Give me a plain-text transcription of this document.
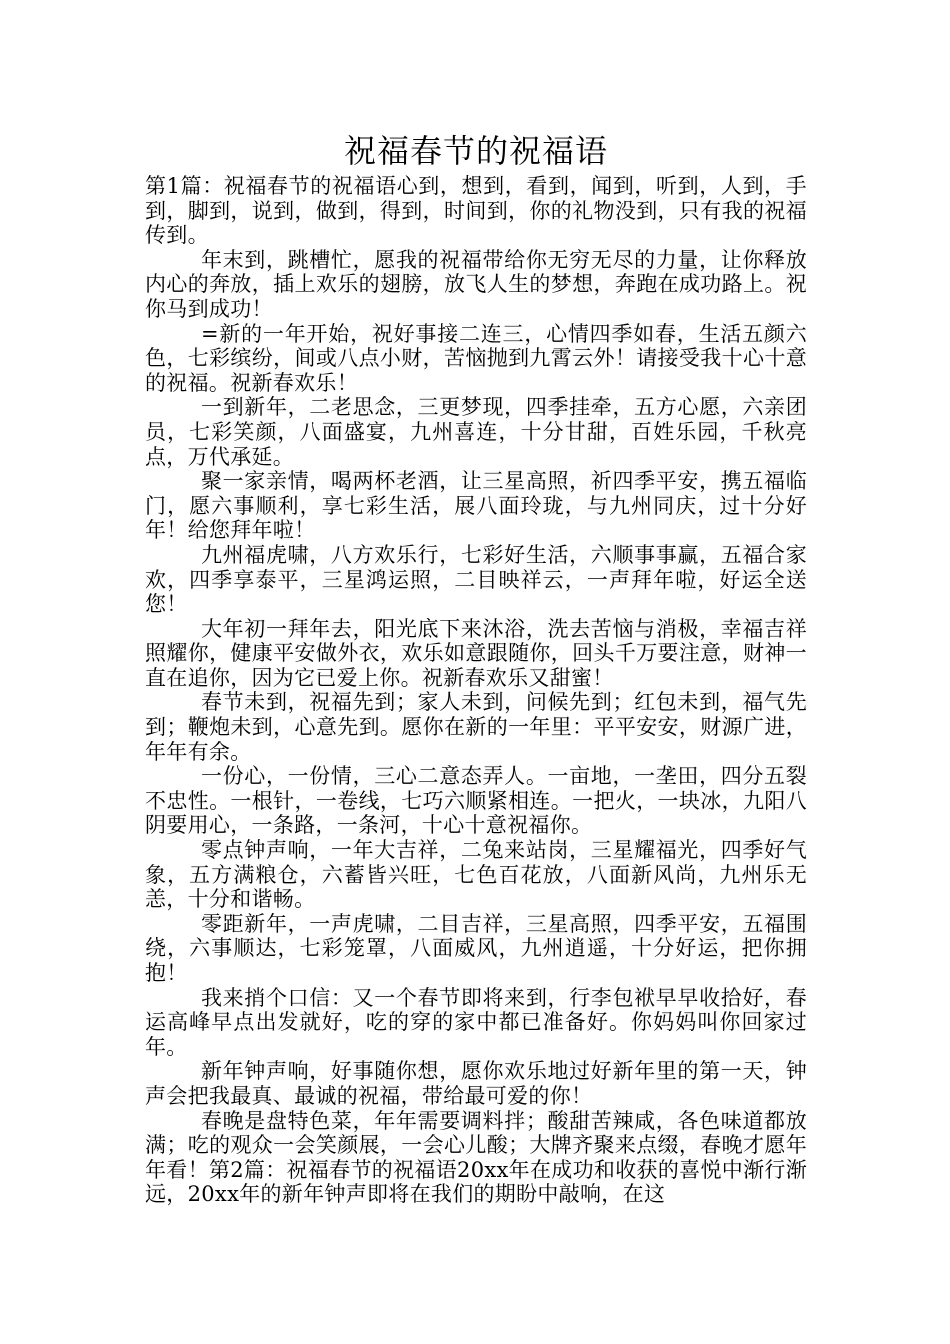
祝福春节的祝福语

第1篇：祝福春节的祝福语心到，想到，看到，闻到，听到，人到，手到，脚到，说到，做到，得到，时间到，你的礼物没到，只有我的祝福传到。

年末到，跳槽忙，愿我的祝福带给你无穷无尽的力量，让你释放内心的奔放，插上欢乐的翅膀，放飞人生的梦想，奔跑在成功路上。祝你马到成功！

=新的一年开始，祝好事接二连三，心情四季如春，生活五颜六色，七彩缤纷，间或八点小财，苦恼抛到九霄云外！请接受我十心十意的祝福。祝新春欢乐！

一到新年，二老思念，三更梦现，四季挂牵，五方心愿，六亲团员，七彩笑颜，八面盛宴，九州喜连，十分甘甜，百姓乐园，千秋亮点，万代承延。

聚一家亲情，喝两杯老酒，让三星高照，祈四季平安，携五福临门，愿六事顺利，享七彩生活，展八面玲珑，与九州同庆，过十分好年！给您拜年啦！

九州福虎啸，八方欢乐行，七彩好生活，六顺事事赢，五福合家欢，四季享泰平，三星鸿运照，二目映祥云，一声拜年啦，好运全送您！

大年初一拜年去，阳光底下来沐浴，洗去苦恼与消极，幸福吉祥照耀你，健康平安做外衣，欢乐如意跟随你，回头千万要注意，财神一直在追你，因为它已爱上你。祝新春欢乐又甜蜜！

春节未到，祝福先到；家人未到，问候先到；红包未到，福气先到；鞭炮未到，心意先到。愿你在新的一年里：平平安安，财源广进，年年有余。

一份心，一份情，三心二意态弄人。一亩地，一垄田，四分五裂不忠性。一根针，一卷线，七巧六顺紧相连。一把火，一块冰，九阳八阴要用心，一条路，一条河，十心十意祝福你。

零点钟声响，一年大吉祥，二兔来站岗，三星耀福光，四季好气象，五方满粮仓，六蓄皆兴旺，七色百花放，八面新风尚，九州乐无恙，十分和谐畅。

零距新年，一声虎啸，二目吉祥，三星高照，四季平安，五福围绕，六事顺达，七彩笼罩，八面威风，九州逍遥，十分好运，把你拥抱！

我来捎个口信：又一个春节即将来到，行李包袱早早收拾好，春运高峰早点出发就好，吃的穿的家中都已准备好。你妈妈叫你回家过年。

新年钟声响，好事随你想，愿你欢乐地过好新年里的第一天，钟声会把我最真、最诚的祝福，带给最可爱的你！

春晚是盘特色菜，年年需要调料拌；酸甜苦辣咸，各色味道都放满；吃的观众一会笑颜展，一会心儿酸；大牌齐聚来点缀，春晚才愿年年看！第2篇：祝福春节的祝福语20xx年在成功和收获的喜悦中渐行渐远，20xx年的新年钟声即将在我们的期盼中敲响，在这
